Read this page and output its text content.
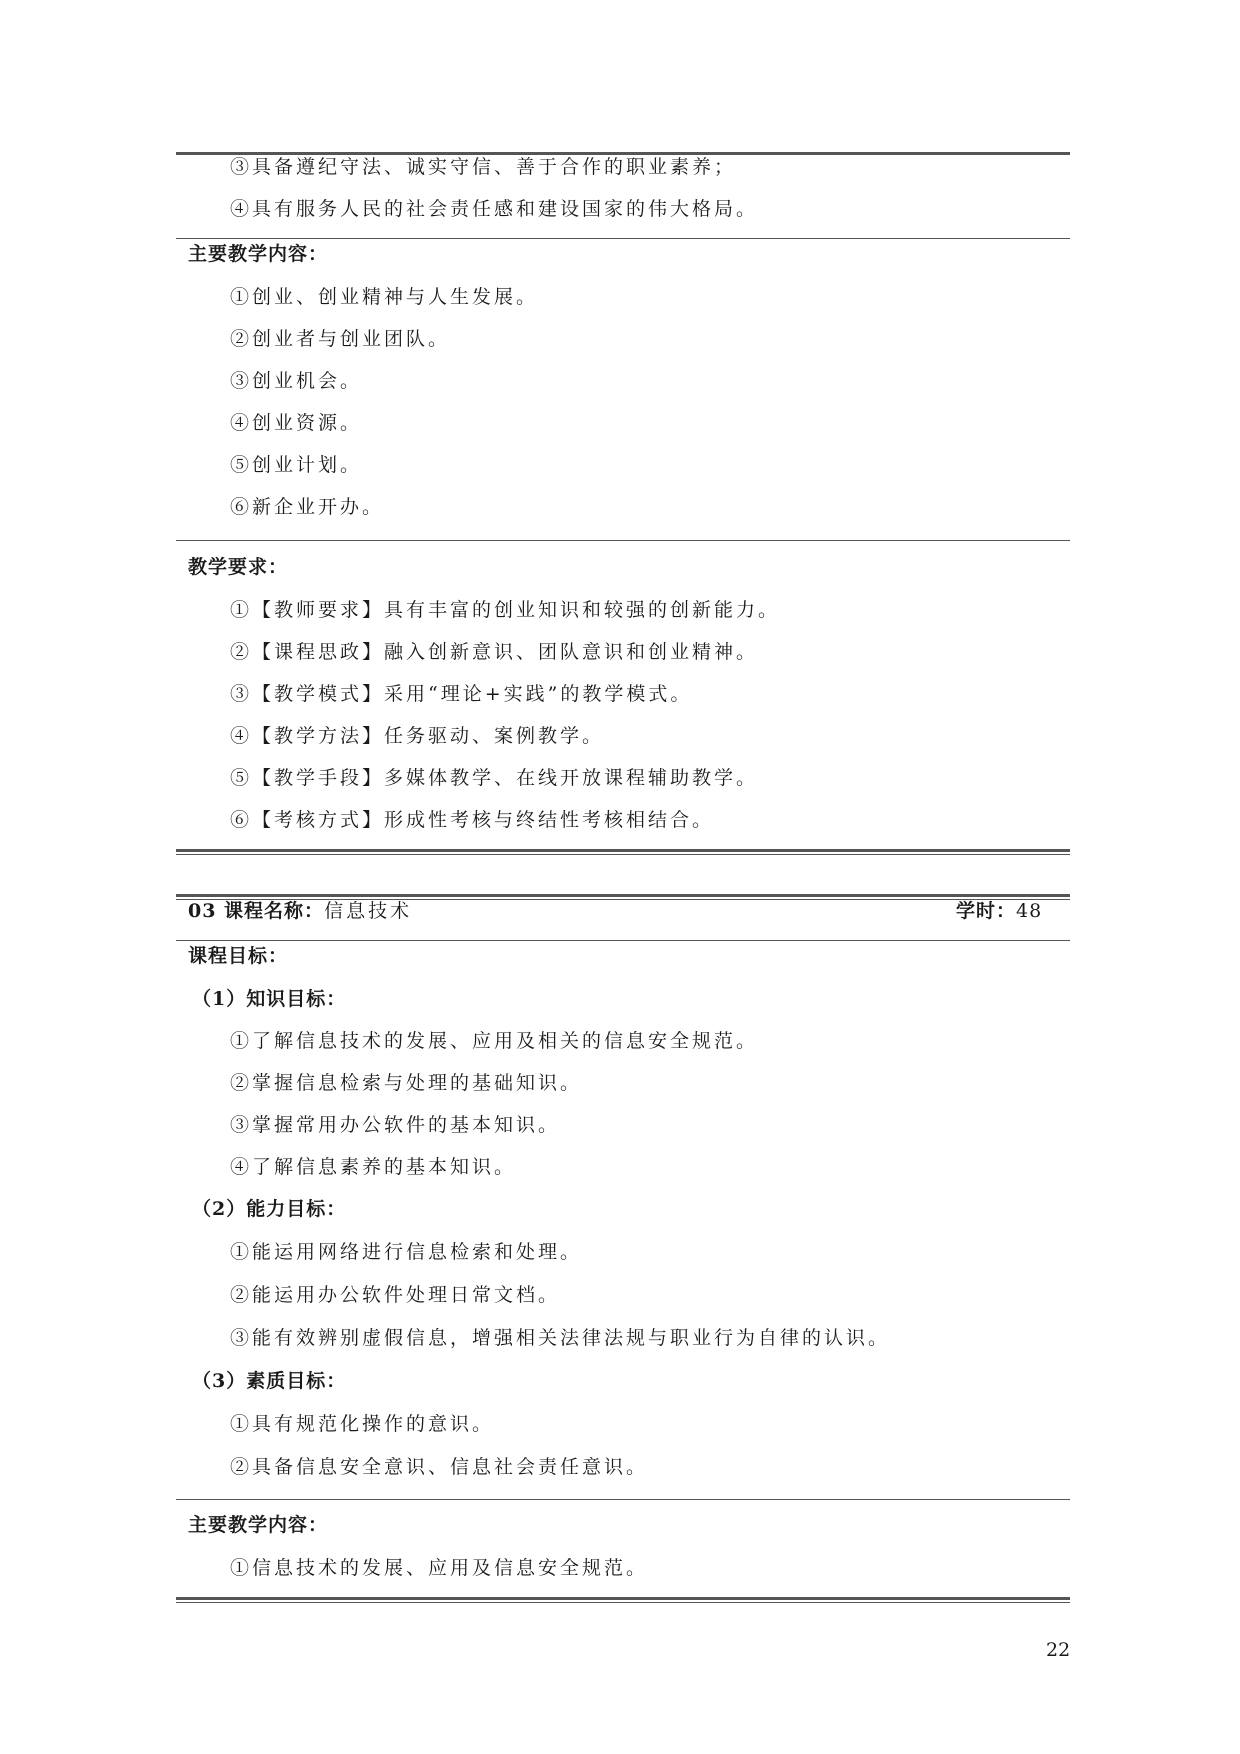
③具备遵纪守法、诚实守信、善于合作的职业素养；
④具有服务人民的社会责任感和建设国家的伟大格局。
主要教学内容：
①创业、创业精神与人生发展。
②创业者与创业团队。
③创业机会。
④创业资源。
⑤创业计划。
⑥新企业开办。
教学要求：
①【教师要求】具有丰富的创业知识和较强的创新能力。
②【课程思政】融入创新意识、团队意识和创业精神。
③【教学模式】采用“理论+实践”的教学模式。
④【教学方法】任务驱动、案例教学。
⑤【教学手段】多媒体教学、在线开放课程辅助教学。
⑥【考核方式】形成性考核与终结性考核相结合。
03 课程名称：信息技术	学时：48
课程目标：
（1）知识目标：
①了解信息技术的发展、应用及相关的信息安全规范。
②掌握信息检索与处理的基础知识。
③掌握常用办公软件的基本知识。
④了解信息素养的基本知识。
（2）能力目标：
①能运用网络进行信息检索和处理。
②能运用办公软件处理日常文档。
③能有效辨别虚假信息，增强相关法律法规与职业行为自律的认识。
（3）素质目标：
①具有规范化操作的意识。
②具备信息安全意识、信息社会责任意识。
主要教学内容：
①信息技术的发展、应用及信息安全规范。
22
